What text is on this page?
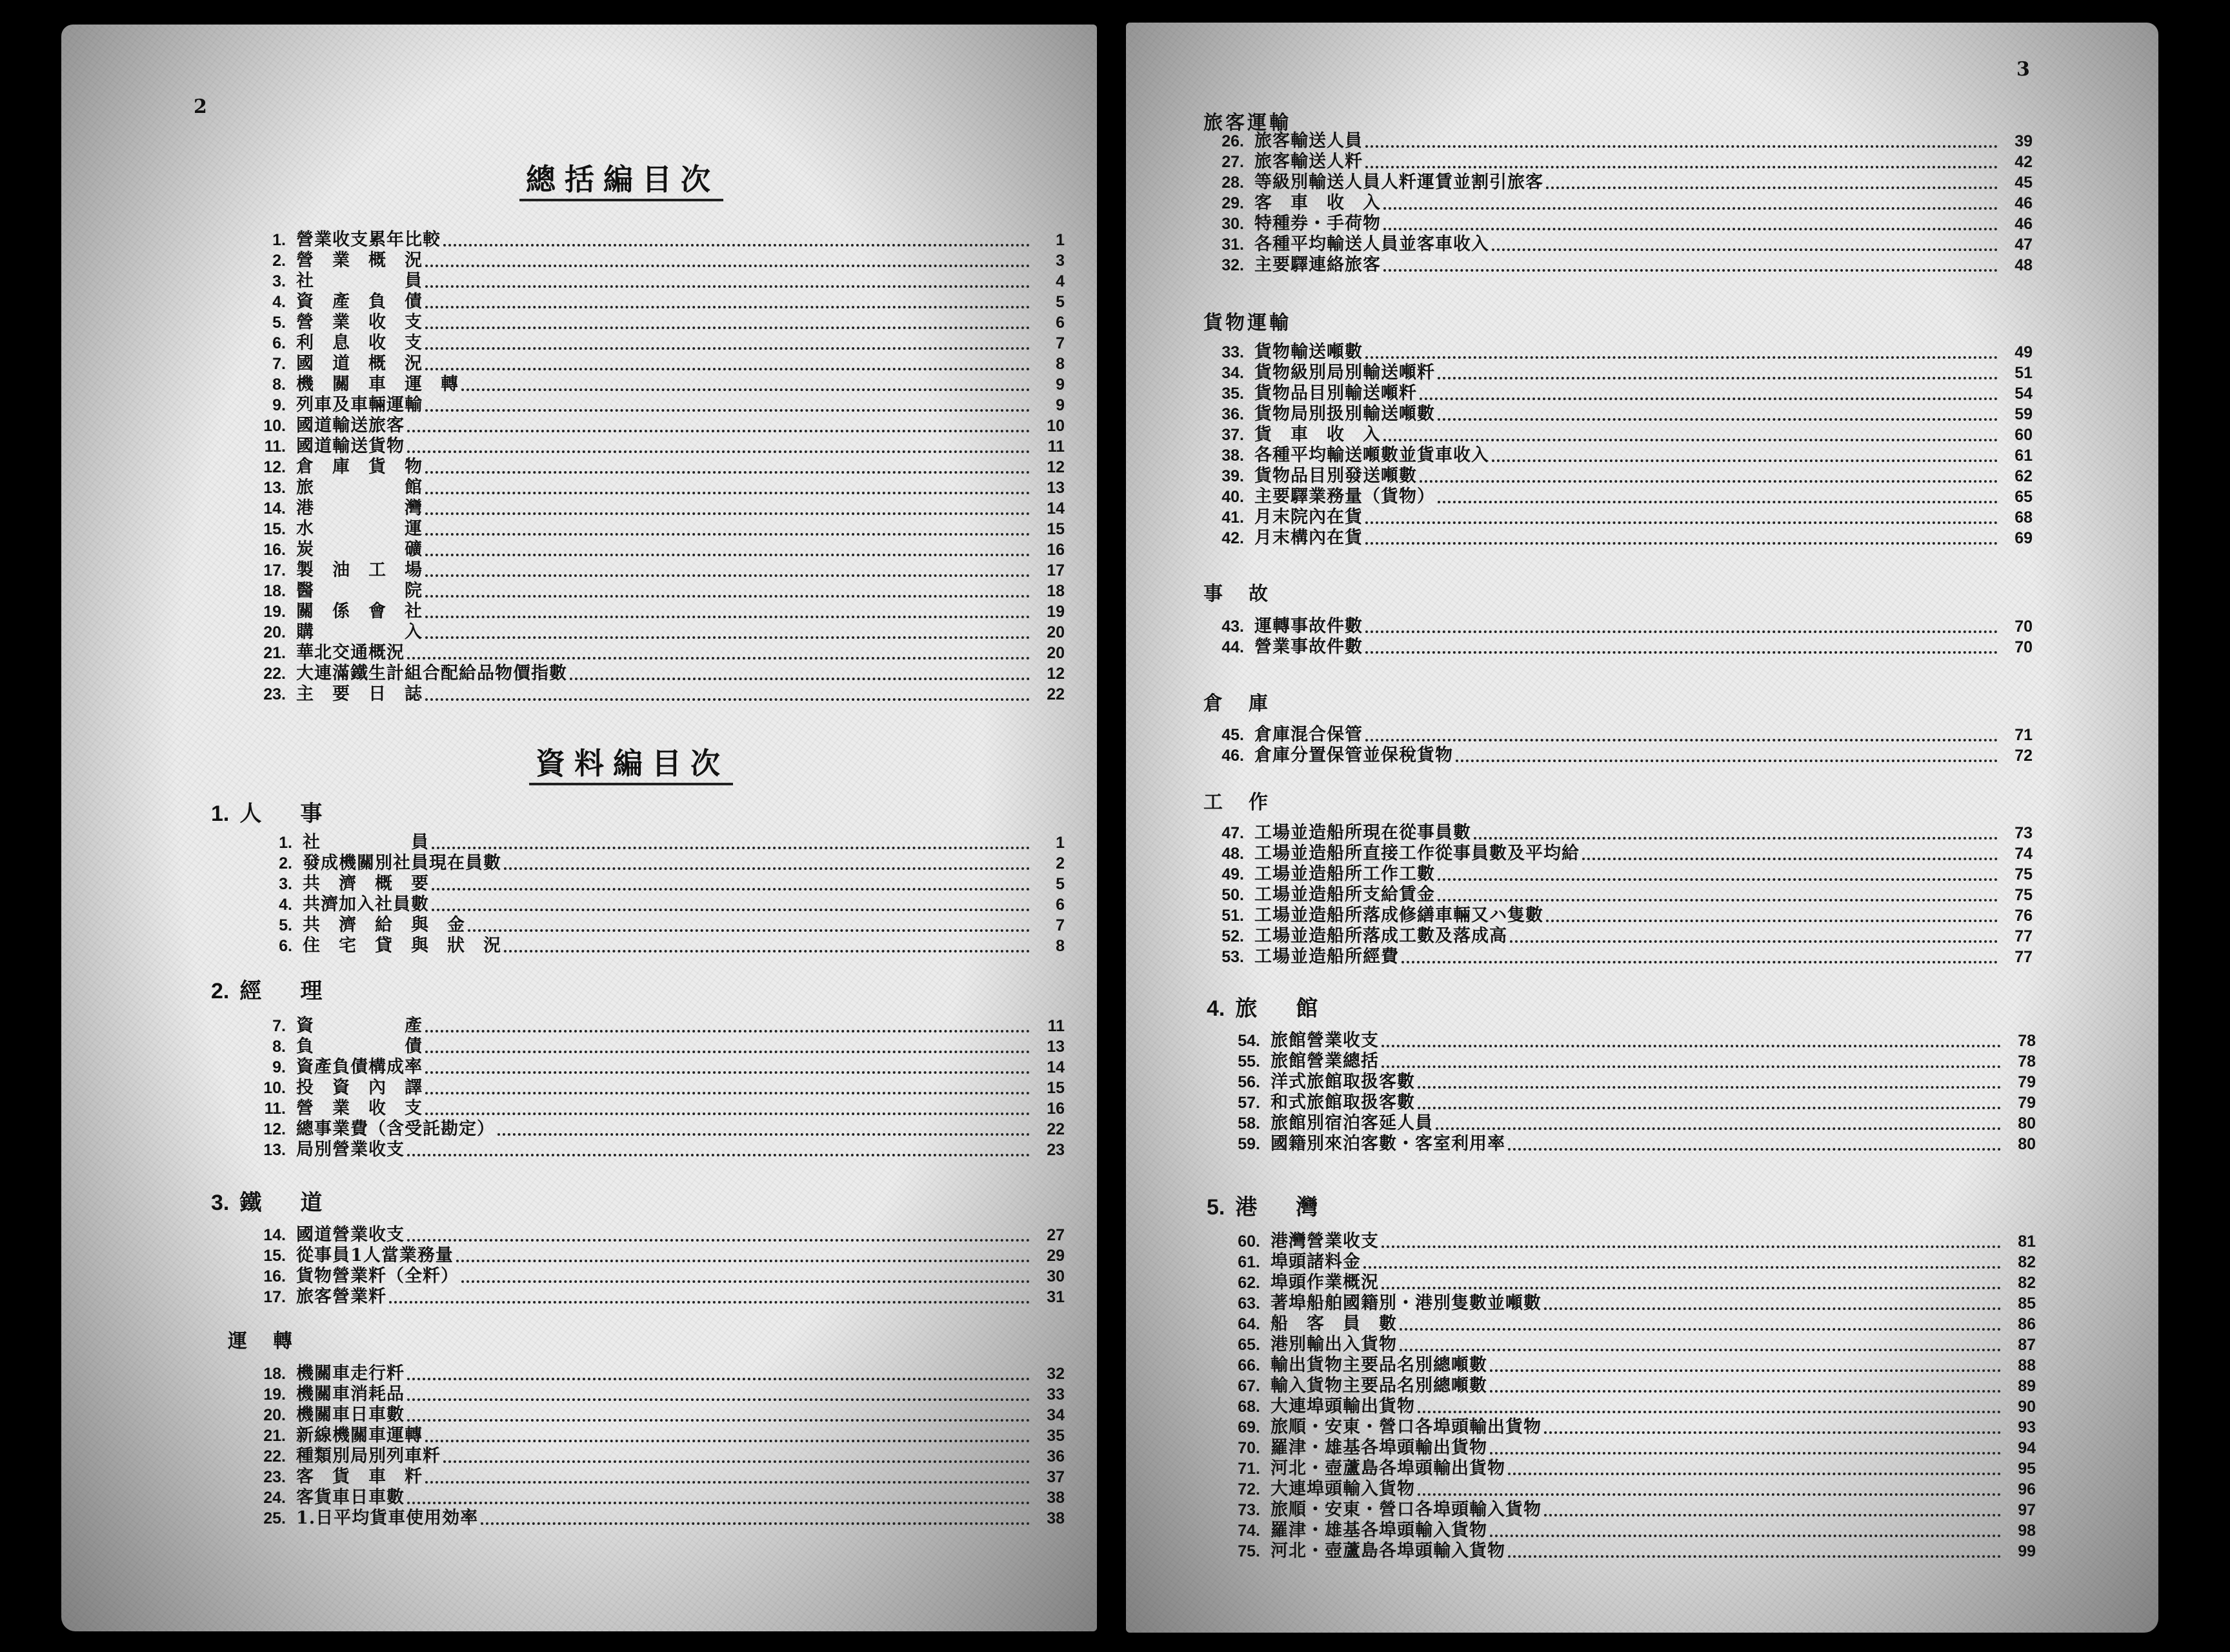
2
總括編目次
1. 營業收支累年比較	1
2. 營　業　概　況	3
3. 社　　　　　員	4
4. 資　產　負　債	5
5. 營　業　收　支	6
6. 利　息　收　支	7
7. 國　道　概　況	8
8. 機　關　車　運　轉	9
9. 列車及車輛運輸	9
10. 國道輸送旅客	10
11. 國道輸送貨物	11
12. 倉　庫　貨　物	12
13. 旅　　　　　館	13
14. 港　　　　　灣	14
15. 水　　　　　運	15
16. 炭　　　　　礦	16
17. 製　油　工　場	17
18. 醫　　　　　院	18
19. 關　係　會　社	19
20. 購　　　　　入	20
21. 華北交通概況	20
22. 大連滿鐵生計組合配給品物價指數	12
23. 主　要　日　誌	22
資料編目次
1. 人事
1. 社　　　　　員	1
2. 發成機關別社員現在員數	2
3. 共　濟　概　要	5
4. 共濟加入社員數	6
5. 共　濟　給　與　金	7
6. 住　宅　貸　與　狀　況	8
2. 經理
7. 資　　　　　產	11
8. 負　　　　　債	13
9. 資產負債構成率	14
10. 投　資　內　譯	15
11. 營　業　收　支	16
12. 總事業費（含受託勘定）	22
13. 局別營業收支	23
3. 鐵道
14. 國道營業收支	27
15. 從事員1人當業務量	29
16. 貨物營業粁（全粁）	30
17. 旅客營業粁	31
運轉
18. 機關車走行粁	32
19. 機關車消耗品	33
20. 機關車日車數	34
21. 新線機關車運轉	35
22. 種類別局別列車粁	36
23. 客　貨　車　粁	37
24. 客貨車日車數	38
25. 1.日平均貨車使用効率	38
3
旅客運輸
26. 旅客輸送人員	39
27. 旅客輸送人粁	42
28. 等級別輸送人員人粁運賃並割引旅客	45
29. 客　車　收　入	46
30. 特種券・手荷物	46
31. 各種平均輸送人員並客車收入	47
32. 主要驛連絡旅客	48
貨物運輸
33. 貨物輸送噸數	49
34. 貨物級別局別輸送噸粁	51
35. 貨物品目別輸送噸粁	54
36. 貨物局別扱別輸送噸數	59
37. 貨　車　收　入	60
38. 各種平均輸送噸數並貨車收入	61
39. 貨物品目別發送噸數	62
40. 主要驛業務量（貨物）	65
41. 月末院內在貨	68
42. 月末構內在貨	69
事故
43. 運轉事故件數	70
44. 營業事故件數	70
倉庫
45. 倉庫混合保管	71
46. 倉庫分置保管並保稅貨物	72
工作
47. 工場並造船所現在從事員數	73
48. 工場並造船所直接工作從事員數及平均給	74
49. 工場並造船所工作工數	75
50. 工場並造船所支給賃金	75
51. 工場並造船所落成修繕車輛又ハ隻數	76
52. 工場並造船所落成工數及落成高	77
53. 工場並造船所經費	77
4. 旅館
54. 旅館營業收支	78
55. 旅館營業總括	78
56. 洋式旅館取扱客數	79
57. 和式旅館取扱客數	79
58. 旅館別宿泊客延人員	80
59. 國籍別來泊客數・客室利用率	80
5. 港灣
60. 港灣營業收支	81
61. 埠頭諸料金	82
62. 埠頭作業概況	82
63. 著埠船舶國籍別・港別隻數並噸數	85
64. 船　客　員　數	86
65. 港別輸出入貨物	87
66. 輸出貨物主要品名別總噸數	88
67. 輸入貨物主要品名別總噸數	89
68. 大連埠頭輸出貨物	90
69. 旅順・安東・營口各埠頭輸出貨物	93
70. 羅津・雄基各埠頭輸出貨物	94
71. 河北・壺蘆島各埠頭輸出貨物	95
72. 大連埠頭輸入貨物	96
73. 旅順・安東・營口各埠頭輸入貨物	97
74. 羅津・雄基各埠頭輸入貨物	98
75. 河北・壺蘆島各埠頭輸入貨物	99
